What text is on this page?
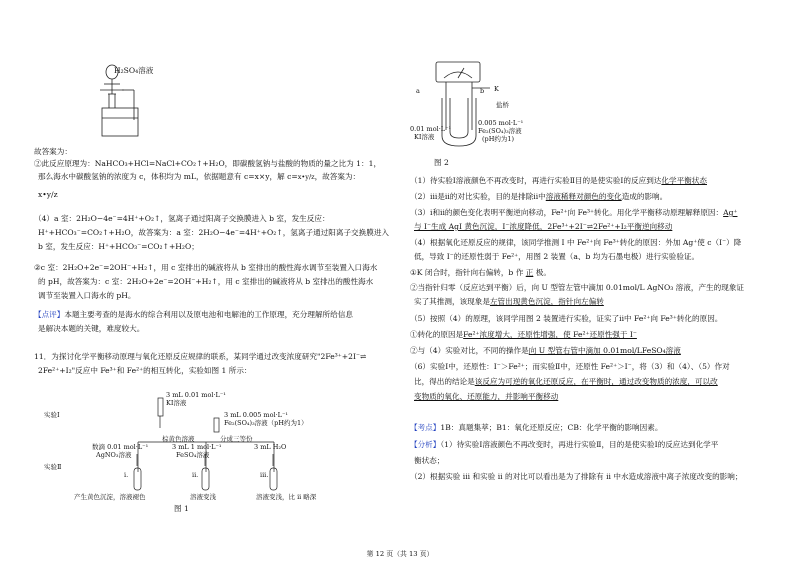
H₂SO₄溶液
故答案为：
②此反应原理为：NaHCO₃+HCl=NaCl+CO₂↑+H₂O，即碳酸氢钠与盐酸的物质的量之比为 1：1，
那么海水中碳酸氢钠的浓度为 c，体积均为 mL，依据题意有 c=x×y，解 c=x•y/z，故答案为：
x•y/z
（4）a 室：2H₂O−4e⁻=4H⁺+O₂↑，氢离子通过阳离子交换膜进入 b 室，发生反应：
H⁺+HCO₃⁻=CO₂↑+H₂O，故答案为：a 室：2H₂O−4e⁻=4H⁺+O₂↑，氢离子通过阳离子交换膜进入
b 室，发生反应：H⁺+HCO₃⁻=CO₂↑+H₂O；
②c 室：2H₂O+2e⁻=2OH⁻+H₂↑，用 c 室排出的碱液将从 b 室排出的酸性海水调节至装置入口海水
的 pH，故答案为：c 室：2H₂O+2e⁻=2OH⁻+H₂↑，用 c 室排出的碱液将从 b 室排出的酸性海水
调节至装置入口海水的 pH。
【点评】本题主要考查的是海水的综合利用以及原电池和电解池的工作原理，充分理解所给信息
是解决本题的关键，难度较大。
11．为探讨化学平衡移动原理与氧化还原反应规律的联系，某同学通过改变浓度研究"2Fe³⁺+2I⁻⇌
2Fe²⁺+I₂"反应中 Fe³⁺和 Fe²⁺的相互转化，实验如图 1 所示：
实验Ⅰ
3 mL 0.01 mol·L⁻¹
KI溶液
3 mL 0.005 mol·L⁻¹
Fe₂(SO₄)₃溶液（pH约为1）
棕黄色溶液	分成三等份
实验Ⅱ
数滴 0.01 mol·L⁻¹
AgNO₃溶液
3 mL 1 mol·L⁻¹
FeSO₄溶液
3 mL H₂O
i.	ii.	iii.
产生黄色沉淀，溶液褪色	溶液变浅	溶液变浅，比 ii 略深
图 1
a	b K
0.01 mol·L⁻¹
KI溶液
0.005 mol·L⁻¹
Fe₂(SO₄)₃溶液
(pH约为1)
盐桥
图 2
（1）待实验Ⅰ溶液颜色不再改变时，再进行实验Ⅱ目的是使实验Ⅰ的反应到达化学平衡状态
（2）iii是ii的对比实验，目的是排除ii中溶液稀释对颜色的变化造成的影响。
（3）i和ii的颜色变化表明平衡逆向移动，Fe²⁺向 Fe³⁺转化。用化学平衡移动原理解释原因：Ag⁺
与 I⁻生成 AgI 黄色沉淀，I⁻浓度降低，2Fe³⁺+2I⁻⇌2Fe²⁺+I₂平衡逆向移动
（4）根据氧化还原反应的规律，该同学推测 I 中 Fe²⁺向 Fe³⁺转化的原因：外加 Ag⁺使 c（I⁻）降
低，导致 I⁻的还原性弱于 Fe²⁺，用图 2 装置（a、b 均为石墨电极）进行实验验证。
①K 闭合时，指针向右偏转，b 作 正 极。
②当指针归零（反应达到平衡）后，向 U 型管左管中滴加 0.01mol/L AgNO₃ 溶液，产生的现象证
实了其推测，该现象是左管出现黄色沉淀，指针向左偏转
（5）按照（4）的原理，该同学用图 2 装置进行实验，证实了ii中 Fe²⁺向 Fe³⁺转化的原因。
①转化的原因是Fe²⁺浓度增大，还原性增强，使 Fe²⁺还原性强于 I⁻
②与（4）实验对比，不同的操作是向 U 型管右管中滴加 0.01mol/LFeSO₄溶液
（6）实验Ⅰ中，还原性：I⁻＞Fe²⁺；而实验Ⅱ中，还原性 Fe²⁺＞I⁻，将（3）和（4）、（5）作对
比，得出的结论是该反应为可逆的氧化还原反应，在平衡时，通过改变物质的浓度，可以改
变物质的氧化、还原能力，并影响平衡移动
【考点】1B：真题集萃；B1：氧化还原反应；CB：化学平衡的影响因素。
【分析】（1）待实验Ⅰ溶液颜色不再改变时，再进行实验Ⅱ，目的是使实验Ⅰ的反应达到化学平
衡状态；
（2）根据实验 iii 和实验 ii 的对比可以看出是为了排除有 ii 中水造成溶液中离子浓度改变的影响；
第 12 页（共 13 页）
